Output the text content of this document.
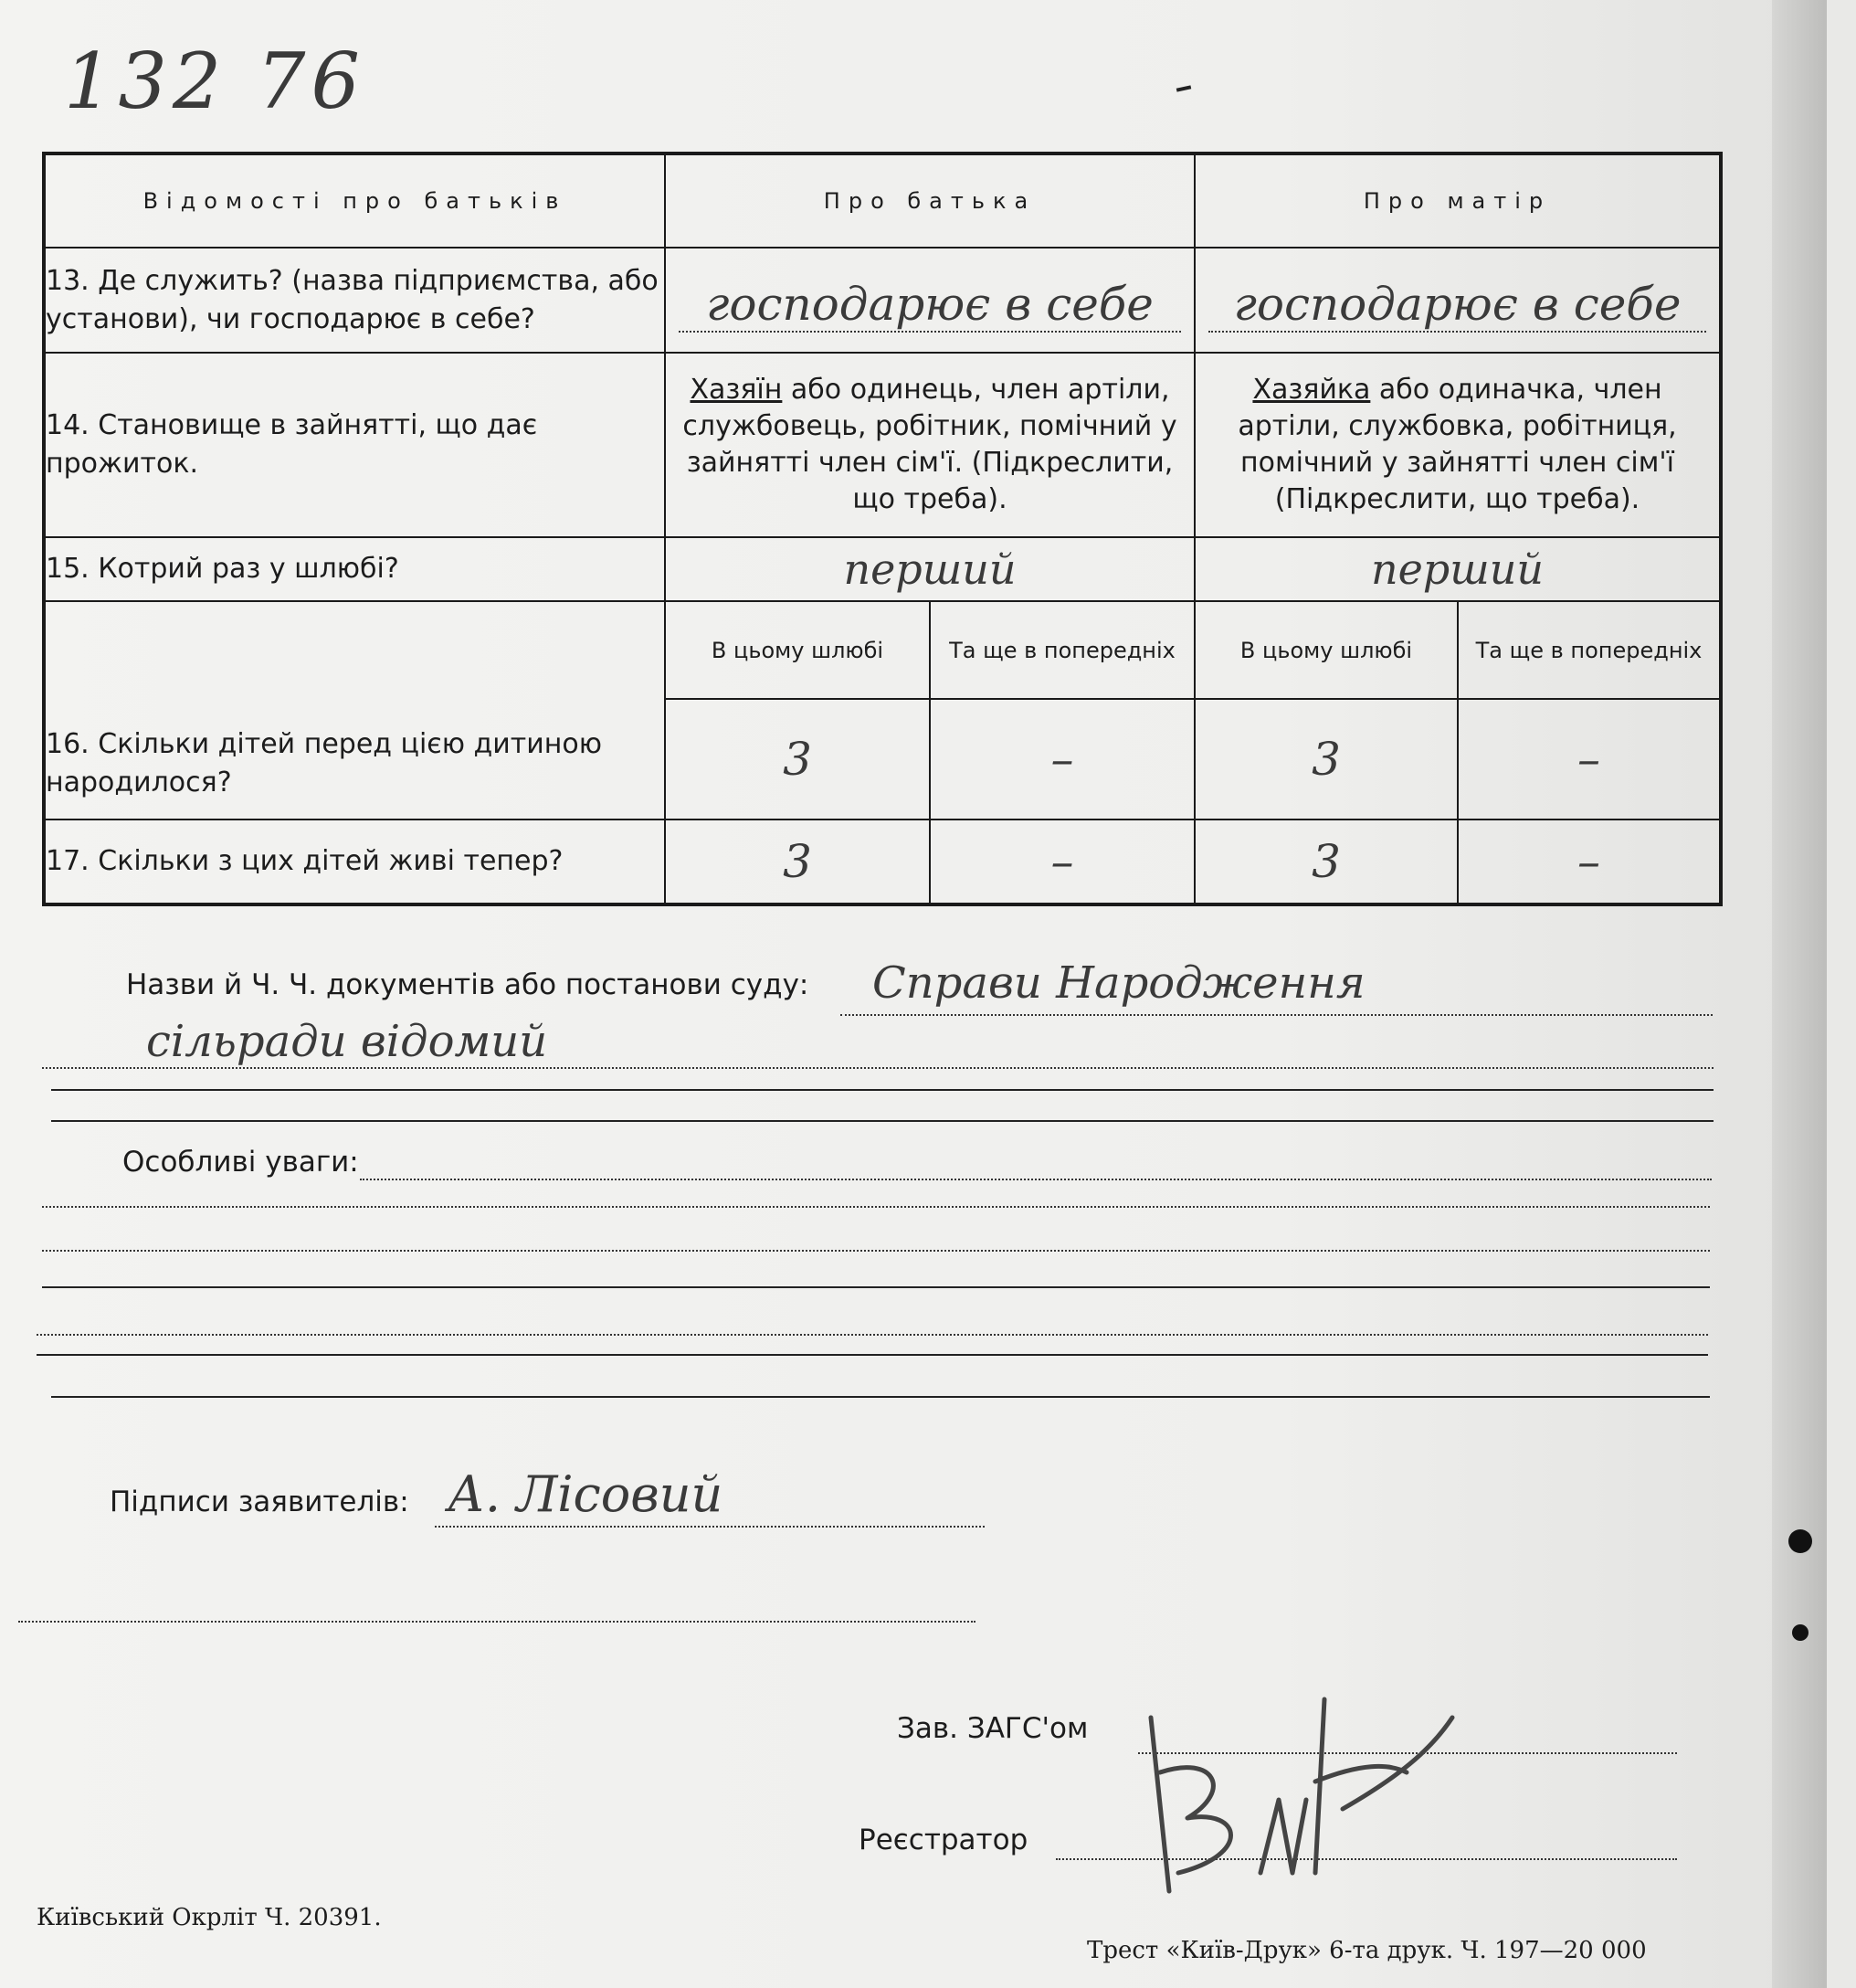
132 76
Відомості про батьків	Про батька		Про матір	

13. Де служить? (назва підприємства, або установи), чи господарює в себе?	господарює в себе		господарює в себе	

14. Становище в зайнятті, що дає прожиток.	Хазяїн або одинець, член артіли, службовець, робітник, помічний у зайнятті член сім'ї. (Підкреслити, що треба).		Хазяйка або одиначка, член артіли, службовка, робітниця, помічний у зайнятті член сім'ї (Підкреслити, що треба).	

15. Котрий раз у шлюбі?	перший		перший	

16. Скільки дітей перед цією дитиною народилося?	В цьому шлюбі	Та ще в попередніх	В цьому шлюбі	Та ще в попередніх

	3	–	3	–

17. Скільки з цих дітей живі тепер?	3	–	3	–
Назви й Ч. Ч. документів або постанови суду: Справи Народження
сільради відомий
Особливі уваги:
Підписи заявителів: А. Лісовий
Зав. ЗАГС'ом
Реєстратор
Київський Окрліт Ч. 20391.
Трест «Київ-Друк» 6-та друк. Ч. 197—20 000
